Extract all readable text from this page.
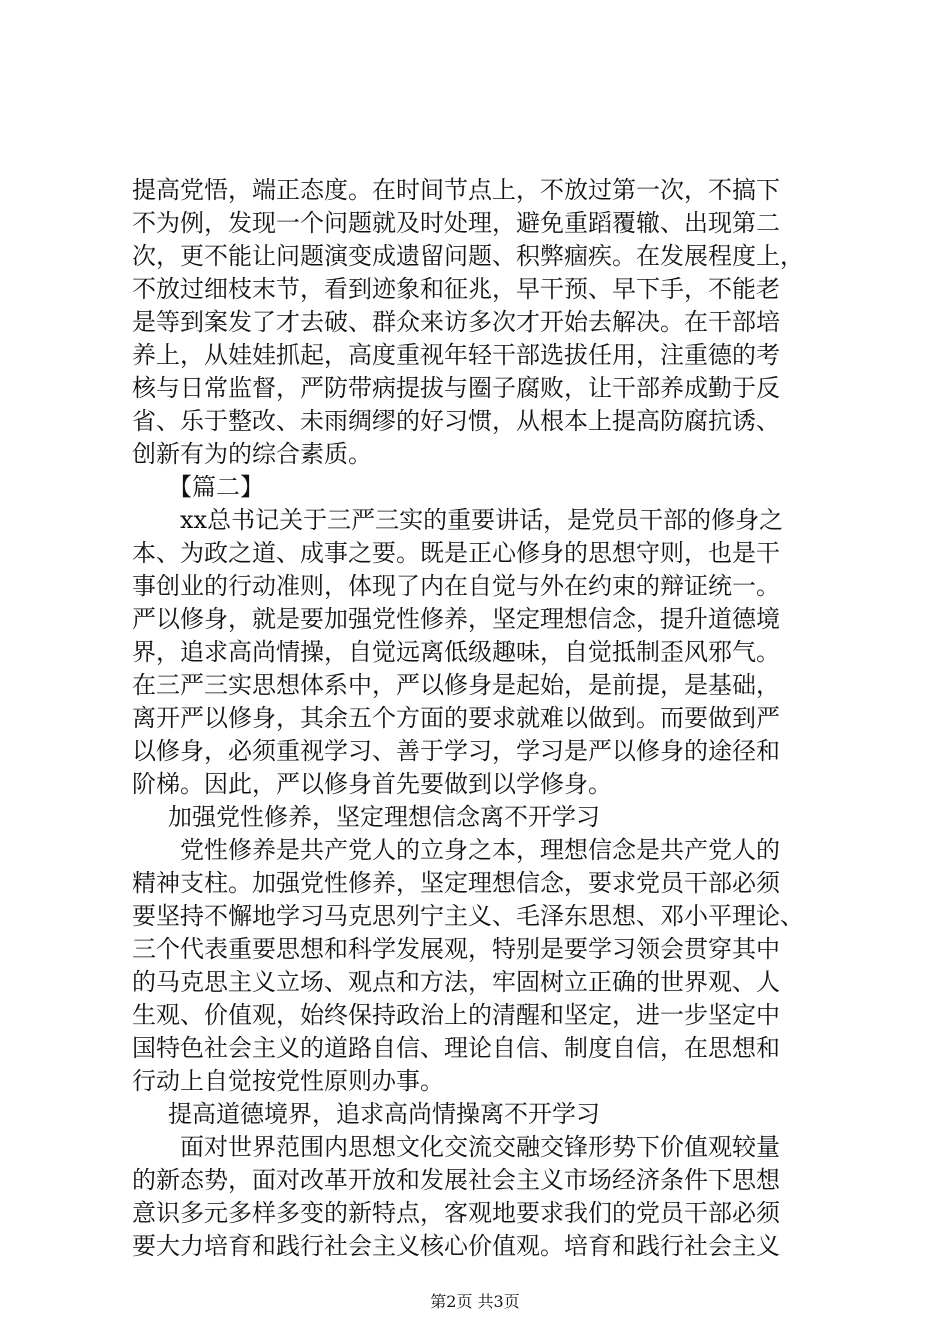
提高党悟，端正态度。在时间节点上，不放过第一次，不搞下
不为例，发现一个问题就及时处理，避免重蹈覆辙、出现第二
次，更不能让问题演变成遗留问题、积弊痼疾。在发展程度上，
不放过细枝末节，看到迹象和征兆，早干预、早下手，不能老
是等到案发了才去破、群众来访多次才开始去解决。在干部培
养上，从娃娃抓起，高度重视年轻干部选拔任用，注重德的考
核与日常监督，严防带病提拔与圈子腐败，让干部养成勤于反
省、乐于整改、未雨绸缪的好习惯，从根本上提高防腐抗诱、
创新有为的综合素质。
【篇二】
xx总书记关于三严三实的重要讲话，是党员干部的修身之
本、为政之道、成事之要。既是正心修身的思想守则，也是干
事创业的行动准则，体现了内在自觉与外在约束的辩证统一。
严以修身，就是要加强党性修养，坚定理想信念，提升道德境
界，追求高尚情操，自觉远离低级趣味，自觉抵制歪风邪气。
在三严三实思想体系中，严以修身是起始，是前提，是基础，
离开严以修身，其余五个方面的要求就难以做到。而要做到严
以修身，必须重视学习、善于学习，学习是严以修身的途径和
阶梯。因此，严以修身首先要做到以学修身。
加强党性修养，坚定理想信念离不开学习
党性修养是共产党人的立身之本，理想信念是共产党人的
精神支柱。加强党性修养，坚定理想信念，要求党员干部必须
要坚持不懈地学习马克思列宁主义、毛泽东思想、邓小平理论、
三个代表重要思想和科学发展观，特别是要学习领会贯穿其中
的马克思主义立场、观点和方法，牢固树立正确的世界观、人
生观、价值观，始终保持政治上的清醒和坚定，进一步坚定中
国特色社会主义的道路自信、理论自信、制度自信，在思想和
行动上自觉按党性原则办事。
提高道德境界，追求高尚情操离不开学习
面对世界范围内思想文化交流交融交锋形势下价值观较量
的新态势，面对改革开放和发展社会主义市场经济条件下思想
意识多元多样多变的新特点，客观地要求我们的党员干部必须
要大力培育和践行社会主义核心价值观。培育和践行社会主义
第2页 共3页
